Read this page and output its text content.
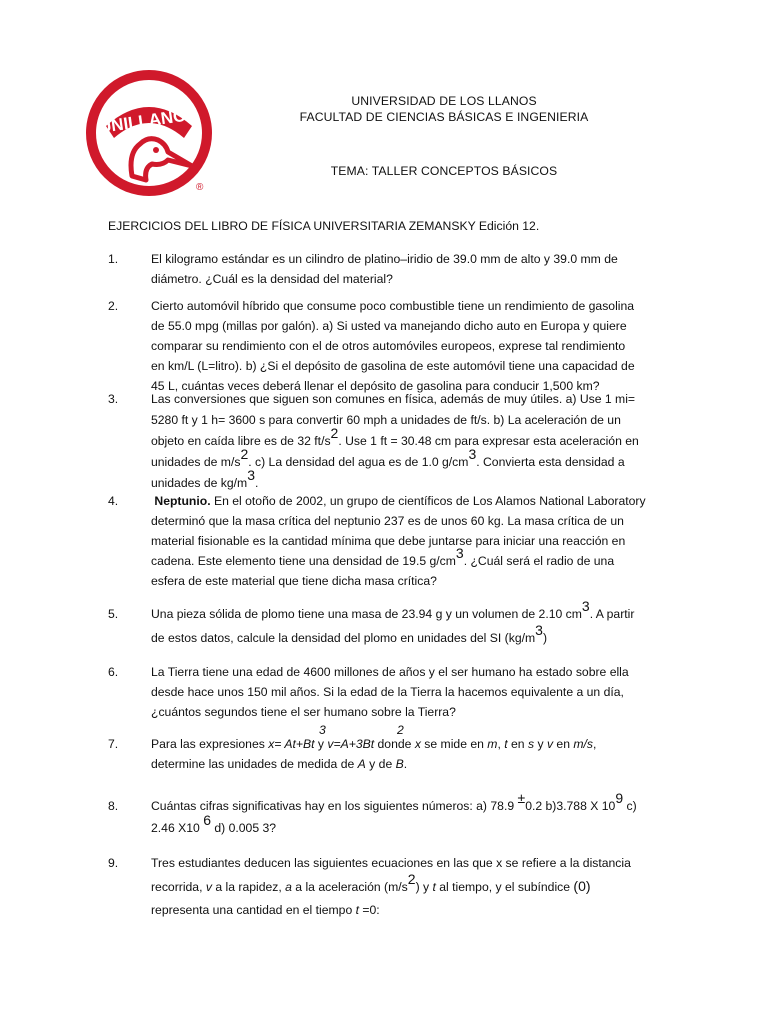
UNILLANOS
®
UNIVERSIDAD DE LOS LLANOS
FACULTAD DE CIENCIAS BÁSICAS E INGENIERIA
TEMA: TALLER CONCEPTOS BÁSICOS
EJERCICIOS DEL LIBRO DE FÍSICA UNIVERSITARIA ZEMANSKY Edición 12.
1.	El kilogramo estándar es un cilindro de platino–iridio de 39.0 mm de alto y 39.0 mm de
diámetro. ¿Cuál es la densidad del material?
2.	Cierto automóvil híbrido que consume poco combustible tiene un rendimiento de gasolina
de 55.0 mpg (millas por galón). a) Si usted va manejando dicho auto en Europa y quiere
comparar su rendimiento con el de otros automóviles europeos, exprese tal rendimiento
en km/L (L=litro). b) ¿Si el depósito de gasolina de este automóvil tiene una capacidad de
45 L, cuántas veces deberá llenar el depósito de gasolina para conducir 1,500 km?
3.	Las conversiones que siguen son comunes en física, además de muy útiles. a) Use 1 mi=
5280 ft y 1 h= 3600 s para convertir 60 mph a unidades de ft/s. b) La aceleración de un
objeto en caída libre es de 32 $ft/s^2$. Use 1 ft = 30.48 cm para expresar esta aceleración en
unidades de $m/s^2$. c) La densidad del agua es de 1.0 $g/cm^3$. Convierta esta densidad a
unidades de $kg/m^3$.
4.	Neptunio. En el otoño de 2002, un grupo de científicos de Los Alamos National Laboratory
determinó que la masa crítica del neptunio 237 es de unos 60 kg. La masa crítica de un
material fisionable es la cantidad mínima que debe juntarse para iniciar una reacción en
cadena. Este elemento tiene una densidad de 19.5 $g/cm^3$. ¿Cuál será el radio de una
esfera de este material que tiene dicha masa crítica?
5.	Una pieza sólida de plomo tiene una masa de 23.94 g y un volumen de 2.10 $cm^3$. A partir
de estos datos, calcule la densidad del plomo en unidades del SI $(kg/m^3)$
6.	La Tierra tiene una edad de 4600 millones de años y el ser humano ha estado sobre ella
desde hace unos 150 mil años. Si la edad de la Tierra la hacemos equivalente a un día,
¿cuántos segundos tiene el ser humano sobre la Tierra?
7.
3	2
Para las expresiones x= At+Bt y v=A+3Bt donde x se mide en m, t en s y v en m/s,
determine las unidades de medida de A y de B.
8.	Cuántas cifras significativas hay en los siguientes números: a) 78.9 ±0.2 b)3.788 X $10^9$ c)
2.46 X10 $^6$ d) 0.005 3?
9.	Tres estudiantes deducen las siguientes ecuaciones en las que x se refiere a la distancia
recorrida, v a la rapidez, a a la aceleración $(m/s^2)$ y t al tiempo, y el subíndice (0)
representa una cantidad en el tiempo t =0:
